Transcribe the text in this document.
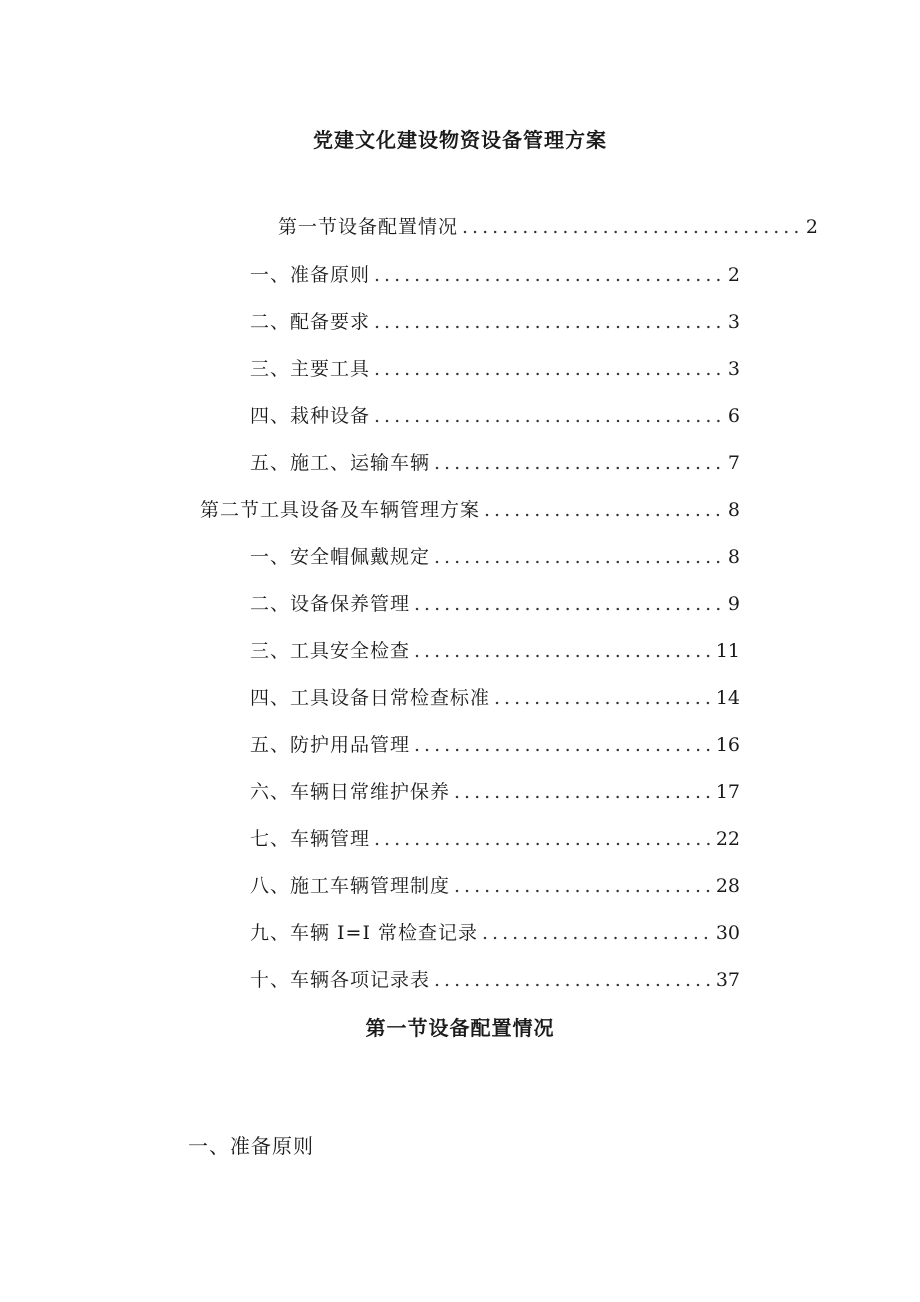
党建文化建设物资设备管理方案
第一节设备配置情况 .....	2
一、准备原则 .....	2
二、配备要求 .....	3
三、主要工具 .....	3
四、栽种设备 .....	6
五、施工、运输车辆 .....	7
第二节工具设备及车辆管理方案 .....	8
一、安全帽佩戴规定 .....	8
二、设备保养管理 .....	9
三、工具安全检查 .....	11
四、工具设备日常检查标准 .....	14
五、防护用品管理 .....	16
六、车辆日常维护保养 .....	17
七、车辆管理 .....	22
八、施工车辆管理制度 .....	28
九、车辆 I=I 常检查记录 .....	30
十、车辆各项记录表 .....	37
第一节设备配置情况
一、准备原则
